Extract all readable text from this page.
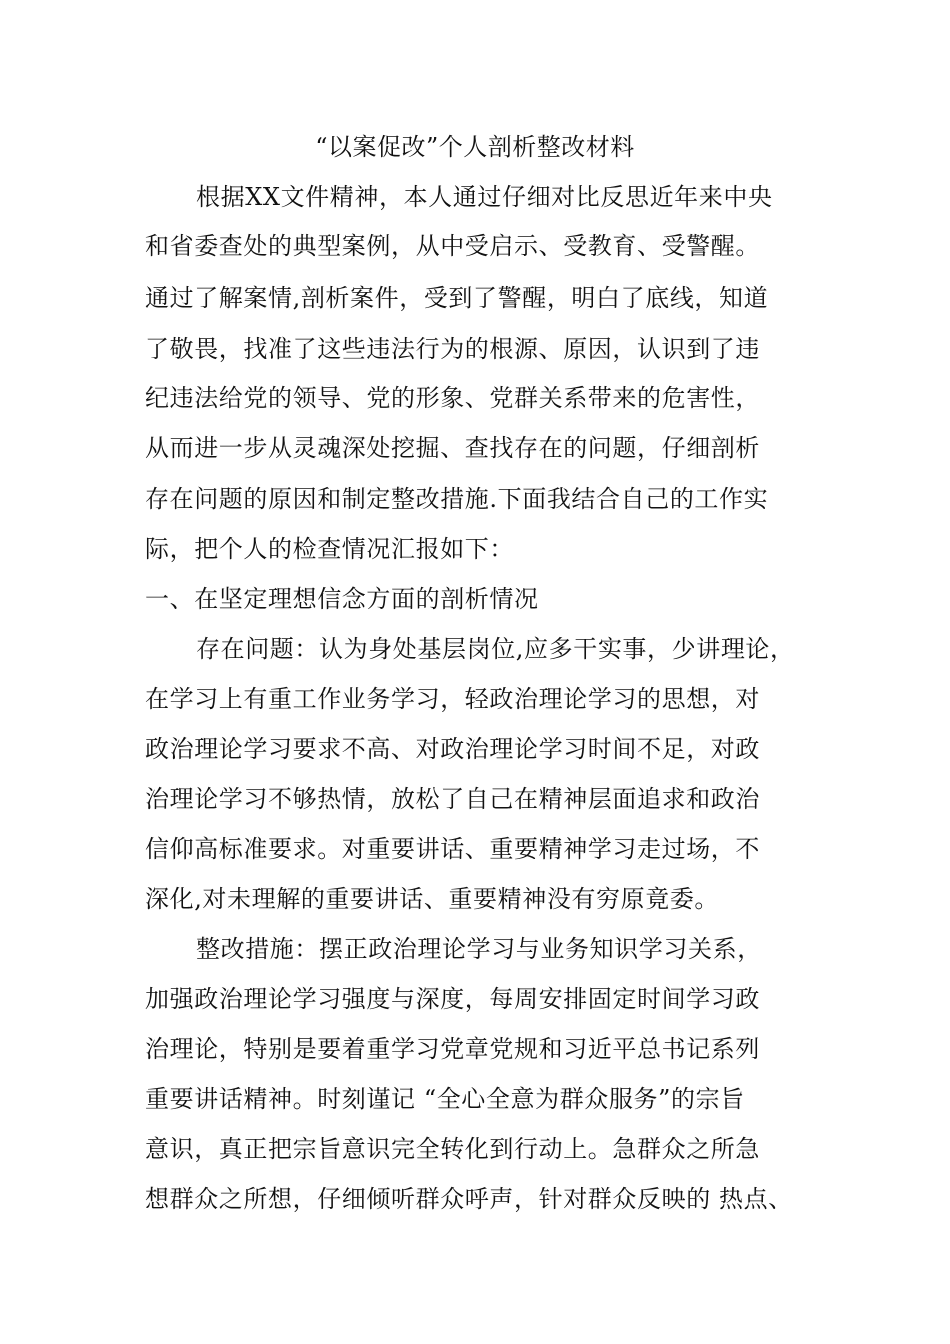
“以案促改”个人剖析整改材料
根据XX文件精神，本人通过仔细对比反思近年来中央
和省委查处的典型案例，从中受启示、受教育、受警醒。
通过了解案情,剖析案件，受到了警醒，明白了底线，知道
了敬畏，找准了这些违法行为的根源、原因，认识到了违
纪违法给党的领导、党的形象、党群关系带来的危害性，
从而进一步从灵魂深处挖掘、查找存在的问题，仔细剖析
存在问题的原因和制定整改措施.下面我结合自己的工作实
际，把个人的检查情况汇报如下：
一、在坚定理想信念方面的剖析情况
存在问题：认为身处基层岗位,应多干实事，少讲理论，
在学习上有重工作业务学习，轻政治理论学习的思想，对
政治理论学习要求不高、对政治理论学习时间不足，对政
治理论学习不够热情，放松了自己在精神层面追求和政治
信仰高标准要求。对重要讲话、重要精神学习走过场，不
深化,对未理解的重要讲话、重要精神没有穷原竟委。
整改措施：摆正政治理论学习与业务知识学习关系，
加强政治理论学习强度与深度，每周安排固定时间学习政
治理论，特别是要着重学习党章党规和习近平总书记系列
重要讲话精神。时刻谨记 “全心全意为群众服务”的宗旨
意识，真正把宗旨意识完全转化到行动上。急群众之所急
想群众之所想，仔细倾听群众呼声，针对群众反映的 热点、
